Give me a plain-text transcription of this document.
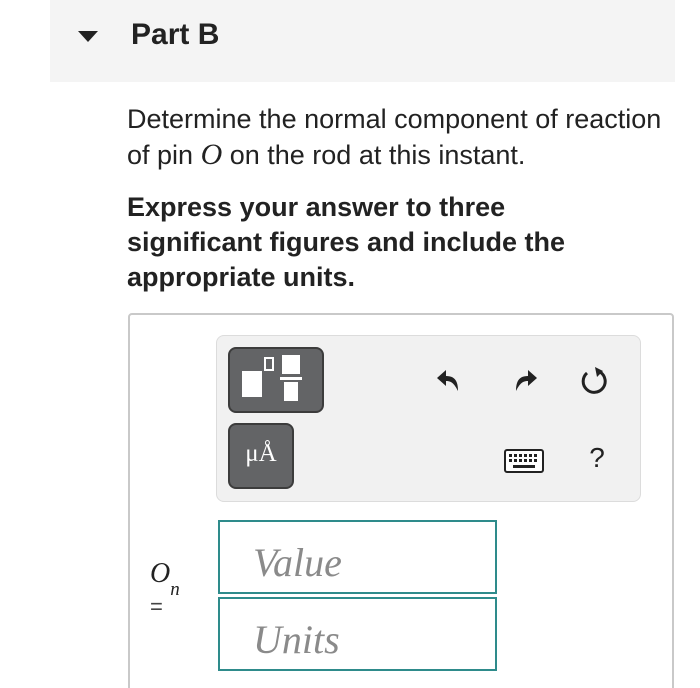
Part B
Determine the normal component of reaction of pin O on the rod at this instant.
Express your answer to three significant figures and include the appropriate units.
μÅ	?
$O_n$
=
Value
Units
